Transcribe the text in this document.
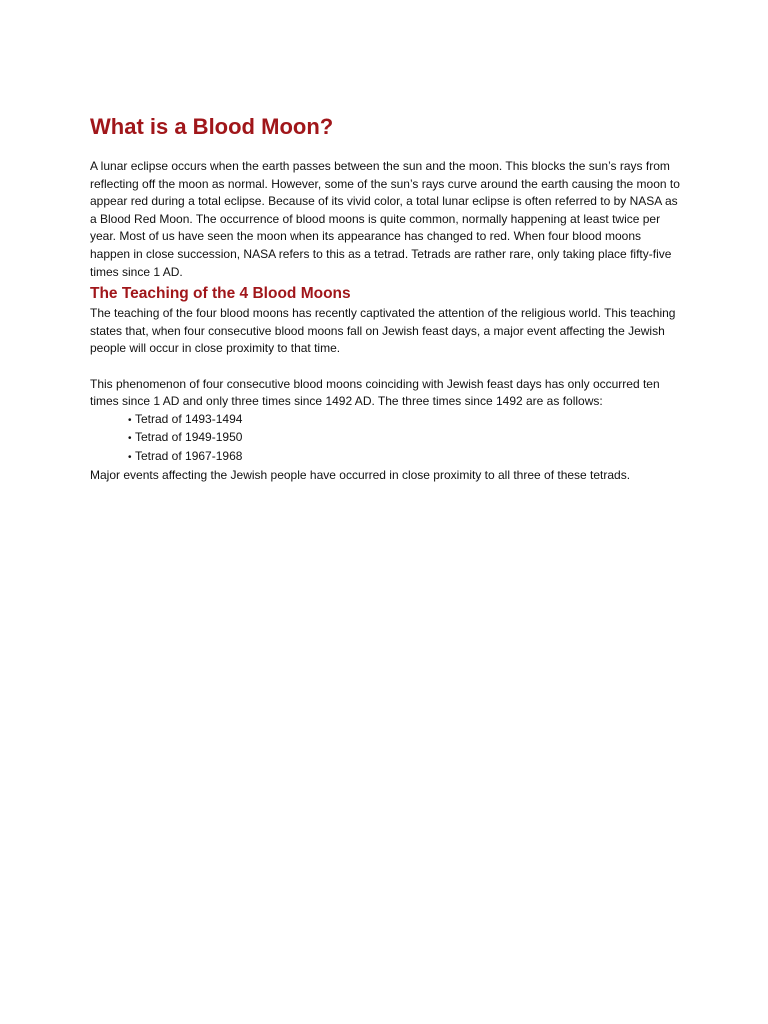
What is a Blood Moon?

A lunar eclipse occurs when the earth passes between the sun and the moon. This blocks the sun’s rays from reflecting off the moon as normal. However, some of the sun’s rays curve around the earth causing the moon to appear red during a total eclipse. Because of its vivid color, a total lunar eclipse is often referred to by NASA as a Blood Red Moon. The occurrence of blood moons is quite common, normally happening at least twice per year. Most of us have seen the moon when its appearance has changed to red. When four blood moons happen in close succession, NASA refers to this as a tetrad. Tetrads are rather rare, only taking place fifty-five times since 1 AD.

The Teaching of the 4 Blood Moons

The teaching of the four blood moons has recently captivated the attention of the religious world. This teaching states that, when four consecutive blood moons fall on Jewish feast days, a major event affecting the Jewish people will occur in close proximity to that time.

This phenomenon of four consecutive blood moons coinciding with Jewish feast days has only occurred ten times since 1 AD and only three times since 1492 AD. The three times since 1492 are as follows:

• Tetrad of 1493-1494
• Tetrad of 1949-1950
• Tetrad of 1967-1968

Major events affecting the Jewish people have occurred in close proximity to all three of these tetrads.
